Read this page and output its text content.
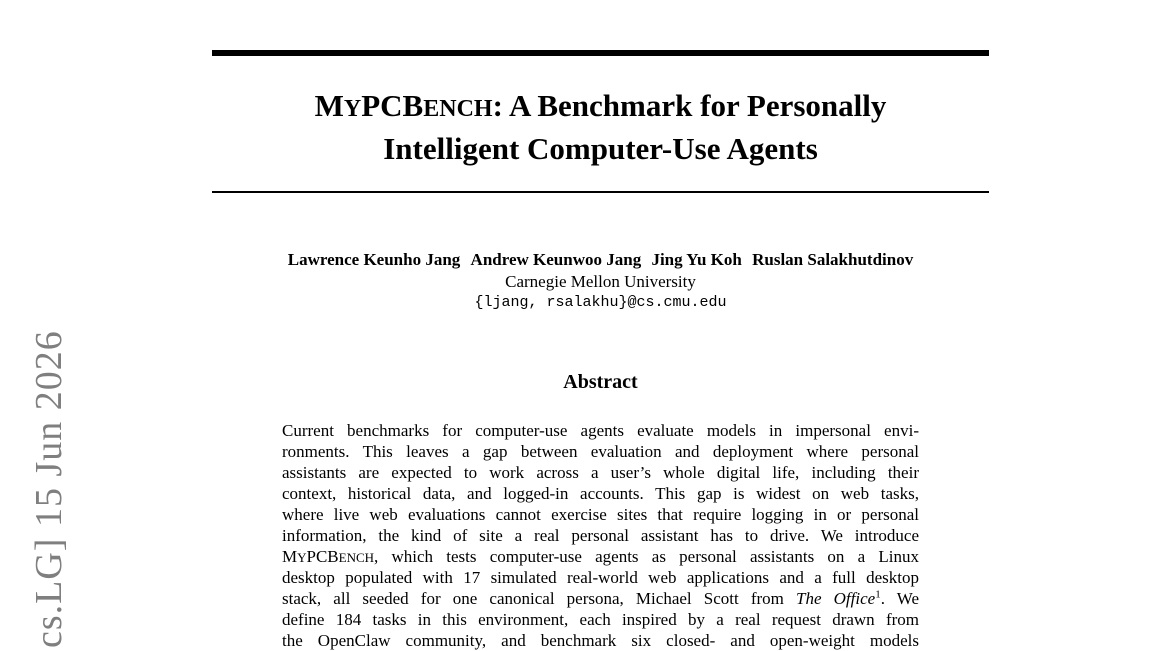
MYPCBENCH: A Benchmark for Personally
Intelligent Computer-Use Agents
Lawrence Keunho Jang Andrew Keunwoo Jang Jing Yu Koh Ruslan Salakhutdinov
Carnegie Mellon University
{ljang, rsalakhu}@cs.cmu.edu
Abstract
Current benchmarks for computer-use agents evaluate models in impersonal envi-
ronments. This leaves a gap between evaluation and deployment where personal
assistants are expected to work across a user’s whole digital life, including their
context, historical data, and logged-in accounts. This gap is widest on web tasks,
where live web evaluations cannot exercise sites that require logging in or personal
information, the kind of site a real personal assistant has to drive. We introduce
MYPCBENCH, which tests computer-use agents as personal assistants on a Linux
desktop populated with 17 simulated real-world web applications and a full desktop
stack, all seeded for one canonical persona, Michael Scott from The Office$^1$. We
define 184 tasks in this environment, each inspired by a real request drawn from
the OpenClaw community, and benchmark six closed- and open-weight models
cs.LG] 15 Jun 2026
